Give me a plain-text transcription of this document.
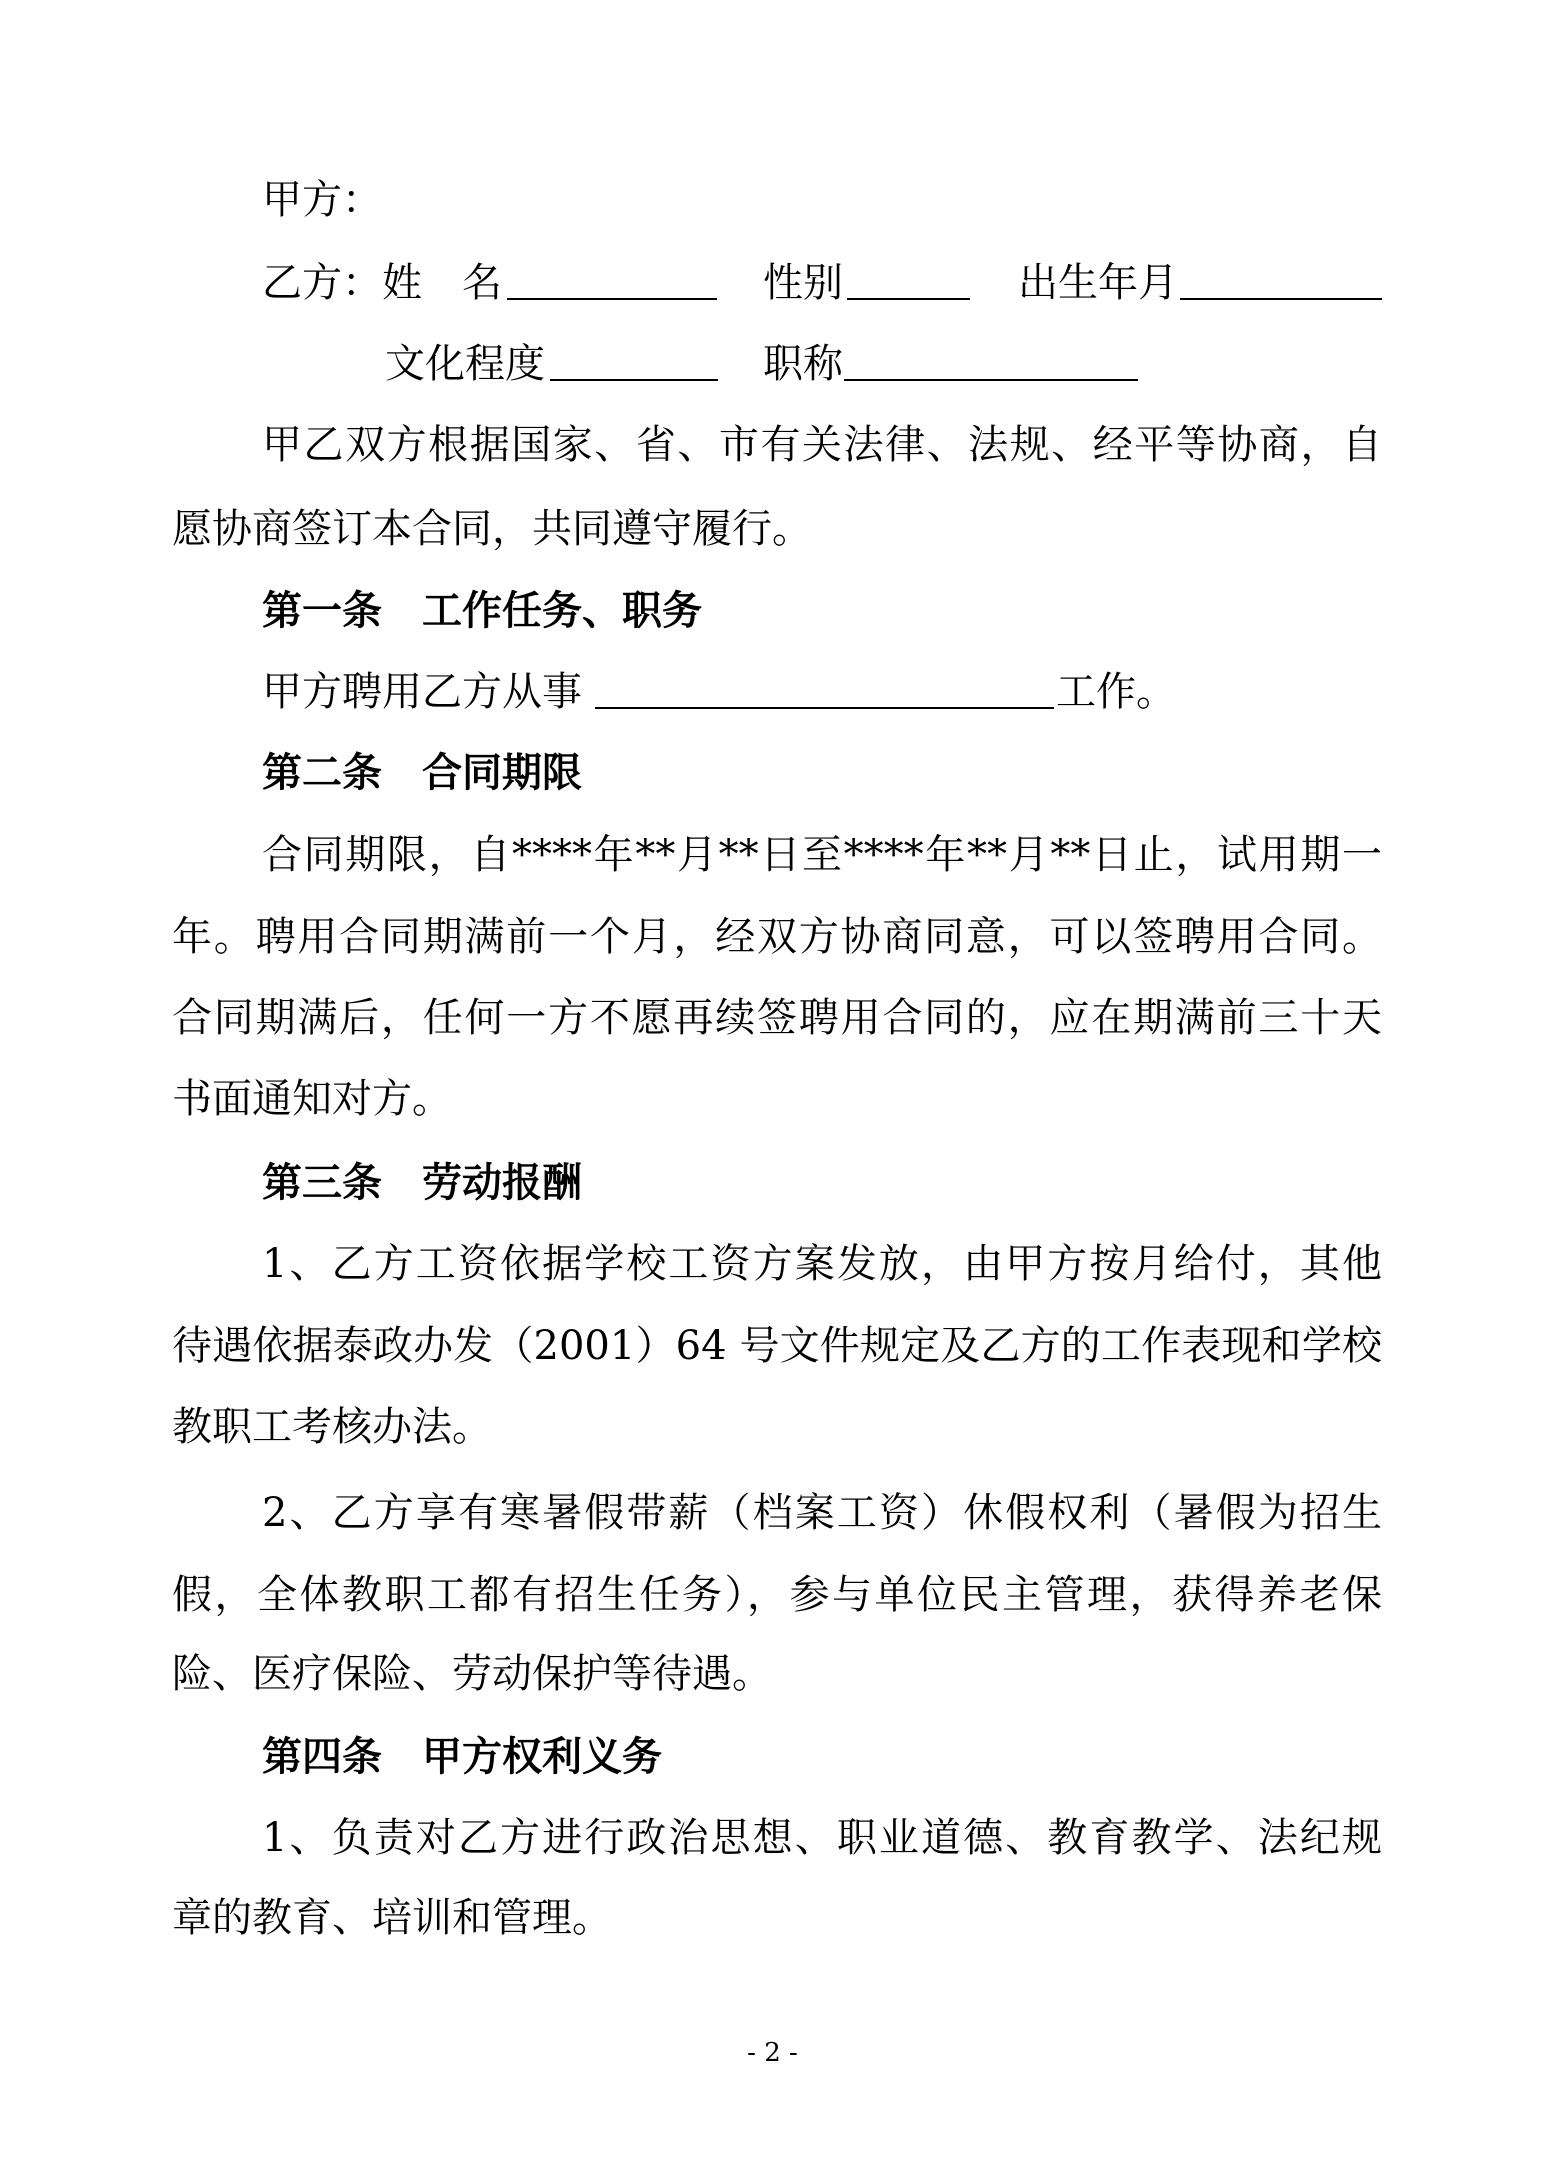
甲方：
乙方： 姓　名	性别	出生年月
文化程度	职称
甲乙双方根据国家、省、市有关法律、法规、经平等协商，自
愿协商签订本合同，共同遵守履行。
第一条　工作任务、职务
甲方聘用乙方从事	工作。
第二条　合同期限
合同期限，自****年**月**日至****年**月**日止，试用期一
年。聘用合同期满前一个月，经双方协商同意，可以签聘用合同。
合同期满后，任何一方不愿再续签聘用合同的，应在期满前三十天
书面通知对方。
第三条　劳动报酬
1、乙方工资依据学校工资方案发放，由甲方按月给付，其他
待遇依据泰政办发（2001）64 号文件规定及乙方的工作表现和学校
教职工考核办法。
2、乙方享有寒暑假带薪（档案工资）休假权利（暑假为招生
假，全体教职工都有招生任务），参与单位民主管理，获得养老保
险、医疗保险、劳动保护等待遇。
第四条　甲方权利义务
1、负责对乙方进行政治思想、职业道德、教育教学、法纪规
章的教育、培训和管理。
- 2 -
